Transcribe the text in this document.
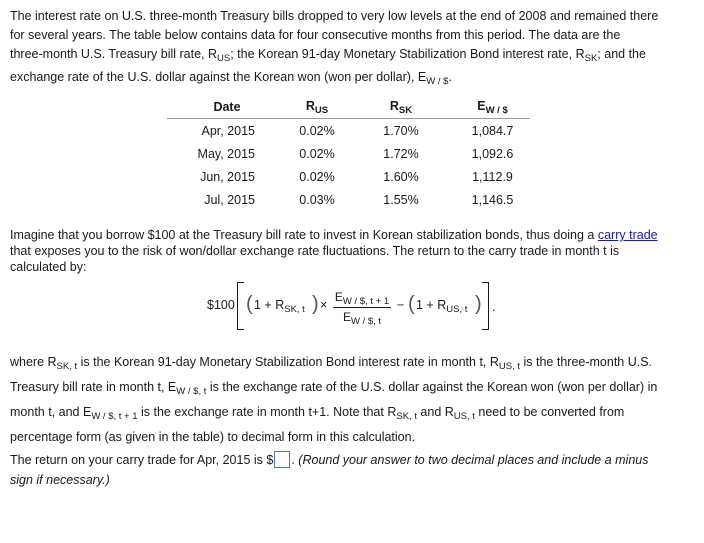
The interest rate on U.S. three-month Treasury bills dropped to very low levels at the end of 2008 and remained there
for several years. The table below contains data for four consecutive months from this period. The data are the
three-month U.S. Treasury bill rate, $R_{US}$; the Korean 91-day Monetary Stabilization Bond interest rate, $R_{SK}$; and the
exchange rate of the U.S. dollar against the Korean won (won per dollar), $E_{W / \$}$.
Date	$R_{US}$	$R_{SK}$	$E_{W / \$}$
Apr, 2015	0.02%	1.70%	1,084.7
May, 2015	0.02%	1.72%	1,092.6
Jun, 2015	0.02%	1.60%	1,112.9
Jul, 2015	0.03%	1.55%	1,146.5
Imagine that you borrow $100 at the Treasury bill rate to invest in Korean stabilization bonds, thus doing a carry trade
that exposes you to the risk of won/dollar exchange rate fluctuations. The return to the carry trade in month t is
calculated by:
$100 ( $1 + R_{SK, t}$ ) ×
$E_{W / \$, t + 1}$
$E_{W / \$, t}$
− ( $1 + R_{US, t}$ ) .
where $R_{SK, t}$ is the Korean 91-day Monetary Stabilization Bond interest rate in month t, $R_{US, t}$ is the three-month U.S.
Treasury bill rate in month t, $E_{W / \$, t}$ is the exchange rate of the U.S. dollar against the Korean won (won per dollar) in
month t, and $E_{W / \$, t + 1}$ is the exchange rate in month t+1. Note that $R_{SK, t}$ and $R_{US, t}$ need to be converted from
percentage form (as given in the table) to decimal form in this calculation.
The return on your carry trade for Apr, 2015 is $ . (Round your answer to two decimal places and include a minus
sign if necessary.)
